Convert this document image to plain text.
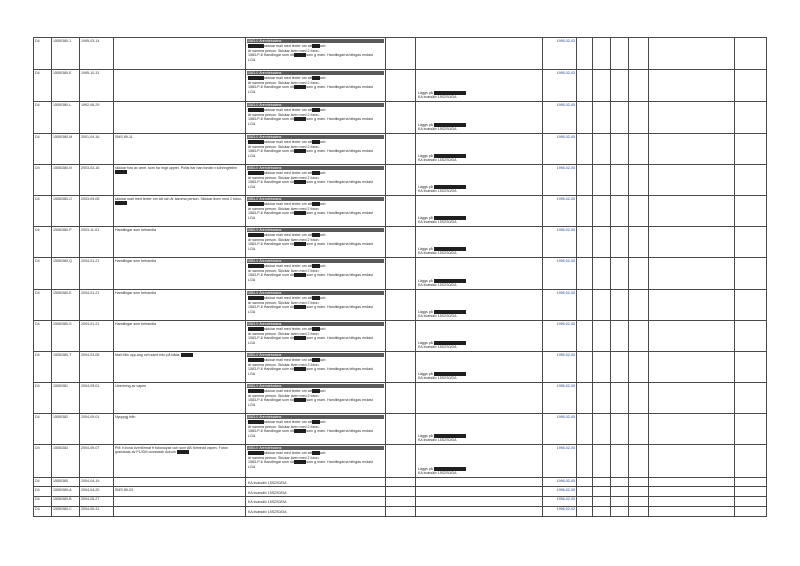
D4	1555/380-1	1995-03-14		1583-0 Ärendebalans
skickar mail med texter om att och
är samma person. Skickar även med 2 foton.
1583-P-6 Handlingar som rör som g mam. Handlingarna bifogas endast
LGA			1995-02-03						
D4	1555/380-E	1995-10-31		1583-0 Ärendebalans
skickar mail med texter om att och
är samma person. Skickar även med 2 foton.
1583-P-6 Handlingar som rör som g mam. Handlingarna bifogas endast
LGA		Läggs på
KA kvarsälv 15S2S0/DA	1995-02-03						
D4	1555/380-L	1992-06-29		1583-0 Ärendebalans
skickar mail med texter om att och
är samma person. Skickar även med 2 foton.
1583-P-6 Handlingar som rör som g mam. Handlingarna bifogas endast
LGA		Läggs på
KA kvarsälv 15S2S0/DA	1995-02-05						
D4	1555/380-M	2001-04-16	SMS 89-11	1583-0 Ärendebalans
skickar mail med texter om att och
är samma person. Skickar även med 2 foton.
1583-P-6 Handlingar som rör som g mam. Handlingarna bifogas endast
LGA		Läggs på
KA kvarsälv 15S2S0/DA	1995-02-05						
D4	1555/380-N	2003-03-16	skickar foto av anm. som ha ringt upprei. Polisi har han fordat n söhringfellen	1583-0 Ärendebalans
skickar mail med texter om att och
är samma person. Skickar även med 2 foton.
1583-P-6 Handlingar som rör som g mam. Handlingarna bifogas endast
LGA		Läggs på
KA kvarsälv 15S2S0/DA	1995-02-05						
D4	1555/380-O	2003-09-05	skickar mail med texter om att och är samma person. Skickar även med 2 foton.	1583-0 Ärendebalans
skickar mail med texter om att och
är samma person. Skickar även med 2 foton.
1583-P-6 Handlingar som rör som g mam. Handlingarna bifogas endast
LGA		Läggs på
KA kvarsälv 15S2S0/DA	1995-02-05						
D4	1555/380-P	2003-11-01	Handlingar som behandla	1583-0 Ärendebalans
skickar mail med texter om att och
är samma person. Skickar även med 2 foton.
1583-P-6 Handlingar som rör som g mam. Handlingarna bifogas endast
LGA		Läggs på
KA kvarsälv 15S2S0/DA	1995-02-05						
D4	1555/380-Q	2004-01-21	Handlingar som behandla	1583-0 Ärendebalans
skickar mail med texter om att och
är samma person. Skickar även med 2 foton.
1583-P-6 Handlingar som rör som g mam. Handlingarna bifogas endast
LGA		Läggs på
KA kvarsälv 15S2S0/DA	1995-02-05						
D4	1555/380-E	2004-01-21	Handlingar som behandla	1583-0 Ärendebalans
skickar mail med texter om att och
är samma person. Skickar även med 2 foton.
1583-P-6 Handlingar som rör som g mam. Handlingarna bifogas endast
LGA		Läggs på
KA kvarsälv 15S2S0/DA	1995-02-05						
D4	1555/380-S	2004-01-21	Handlingar som behandla	1583-0 Ärendebalans
skickar mail med texter om att och
är samma person. Skickar även med 2 foton.
1583-P-6 Handlingar som rör som g mam. Handlingarna bifogas endast
LGA		Läggs på
KA kvarsälv 15S2S0/DA	1995-02-05						
D4	1555/380-T	2004-03-05	Mail från upp.ang och samt foto på båda.	1583-0 Ärendebalans
skickar mail med texter om att och
är samma person. Skickar även med 2 foton.
1583-P-6 Handlingar som rör som g mam. Handlingarna bifogas endast
LGA		Läggs på
KA kvarsälv 15S2S0/DA	1995-02-05						
D4	1555/381	2004-09-01	Utredning av vapen	1583-0 Ärendebalans
skickar mail med texter om att och
är samma person. Skickar även med 2 foton.
1583-P-6 Handlingar som rör som g mam. Handlingarna bifogas endast
LGA			1995-02-05						
D4	1555/382	2004-09-01	Nyuppgj från	1583-0 Ärendebalans
skickar mail med texter om att och
är samma person. Skickar även med 2 foton.
1583-P-6 Handlingar som rör som g mam. Handlingarna bifogas endast
LGA		Läggs på
KA kvarsälv 15S2S0/DA	1995-02-05						
D4	1555/383	2004-09-07	PM: Kiruna överförmat fr fotonulyse och som AB förmedd vapen. Foton granskats av PL/GM ocessade dokum	1583-0 Ärendebalans
skickar mail med texter om att och
är samma person. Skickar även med 2 foton.
1583-P-6 Handlingar som rör som g mam. Handlingarna bifogas endast
LGA		Läggs på
KA kvarsälv 15S2S0/DA	1995-02-05						
D4	1555/380	2004-04-19		KA kvarsälv 15S2S0/DA			1996-02-05						
D4	1555/380-A	2004-04-20	SMS 89-03	KA kvarsälv 15S2S0/DA			1996-02-05						
D4	1555/380-B	2004-05-27		KA kvarsälv 15S2S0/DA			1996-02-05						
D4	1555/380-C	2004-05-31		KA kvarsälv 15S2S0/DA			1996-02-02						
